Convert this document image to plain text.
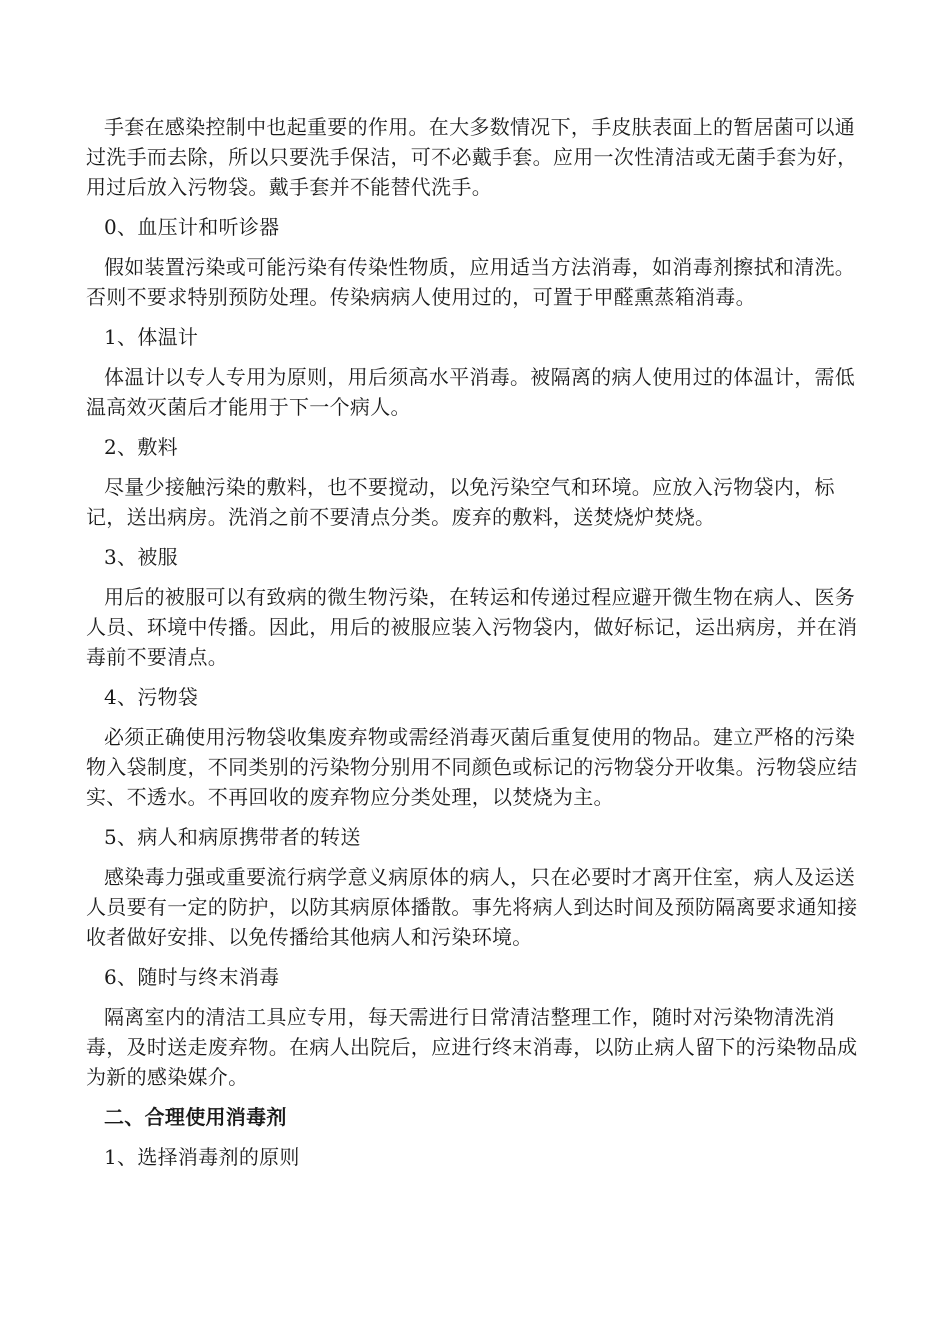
手套在感染控制中也起重要的作用。在大多数情况下，手皮肤表面上的暂居菌可以通过洗手而去除，所以只要洗手保洁，可不必戴手套。应用一次性清洁或无菌手套为好，用过后放入污物袋。戴手套并不能替代洗手。

0、血压计和听诊器

假如装置污染或可能污染有传染性物质，应用适当方法消毒，如消毒剂擦拭和清洗。否则不要求特别预防处理。传染病病人使用过的，可置于甲醛熏蒸箱消毒。

1、体温计

体温计以专人专用为原则，用后须高水平消毒。被隔离的病人使用过的体温计，需低温高效灭菌后才能用于下一个病人。

2、敷料

尽量少接触污染的敷料，也不要搅动，以免污染空气和环境。应放入污物袋内，标记，送出病房。洗消之前不要清点分类。废弃的敷料，送焚烧炉焚烧。

3、被服

用后的被服可以有致病的微生物污染，在转运和传递过程应避开微生物在病人、医务人员、环境中传播。因此，用后的被服应装入污物袋内，做好标记，运出病房，并在消毒前不要清点。

4、污物袋

必须正确使用污物袋收集废弃物或需经消毒灭菌后重复使用的物品。建立严格的污染物入袋制度，不同类别的污染物分别用不同颜色或标记的污物袋分开收集。污物袋应结实、不透水。不再回收的废弃物应分类处理，以焚烧为主。

5、病人和病原携带者的转送

感染毒力强或重要流行病学意义病原体的病人，只在必要时才离开住室，病人及运送人员要有一定的防护，以防其病原体播散。事先将病人到达时间及预防隔离要求通知接收者做好安排、以免传播给其他病人和污染环境。

6、随时与终末消毒

隔离室内的清洁工具应专用，每天需进行日常清洁整理工作，随时对污染物清洗消毒，及时送走废弃物。在病人出院后，应进行终末消毒，以防止病人留下的污染物品成为新的感染媒介。

二、合理使用消毒剂
1、选择消毒剂的原则
